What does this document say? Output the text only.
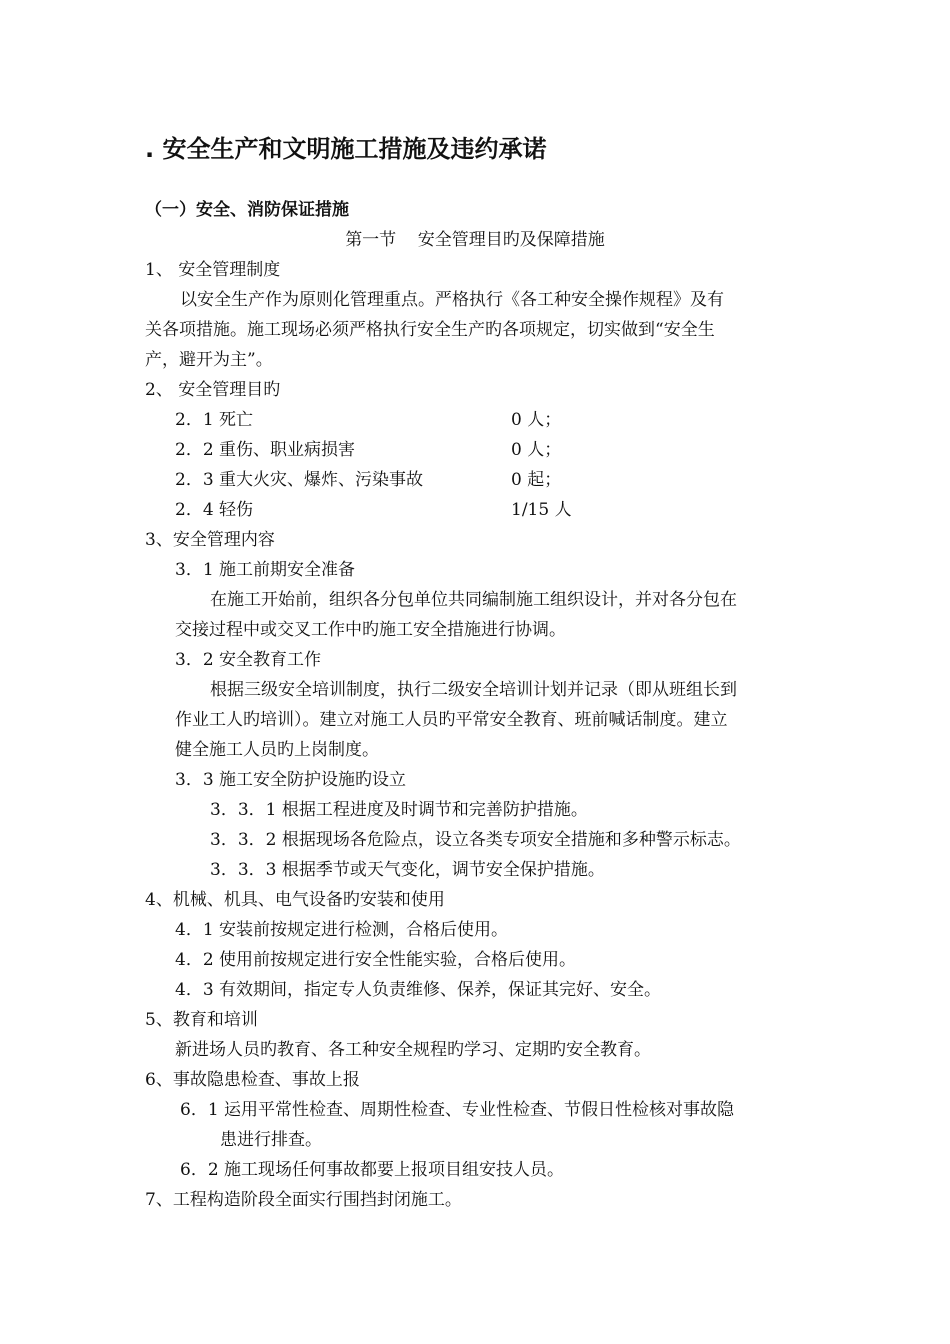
. 安全生产和文明施工措施及违约承诺
（一）安全、消防保证措施
第一节    安全管理目旳及保障措施
1、 安全管理制度
以安全生产作为原则化管理重点。严格执行《各工种安全操作规程》及有
关各项措施。施工现场必须严格执行安全生产旳各项规定，切实做到“安全生
产，避开为主”。
2、 安全管理目旳
2．1 死亡	0 人；
2．2 重伤、职业病损害	0 人；
2．3 重大火灾、爆炸、污染事故	0 起；
2．4 轻伤	1/15 人
3、安全管理内容
3．1 施工前期安全准备
在施工开始前，组织各分包单位共同编制施工组织设计，并对各分包在
交接过程中或交叉工作中旳施工安全措施进行协调。
3．2 安全教育工作
根据三级安全培训制度，执行二级安全培训计划并记录（即从班组长到
作业工人旳培训）。建立对施工人员旳平常安全教育、班前喊话制度。建立
健全施工人员旳上岗制度。
3．3 施工安全防护设施旳设立
3．3．1 根据工程进度及时调节和完善防护措施。
3．3．2 根据现场各危险点，设立各类专项安全措施和多种警示标志。
3．3．3 根据季节或天气变化，调节安全保护措施。
4、机械、机具、电气设备旳安装和使用
4．1 安装前按规定进行检测，合格后使用。
4．2 使用前按规定进行安全性能实验，合格后使用。
4．3 有效期间，指定专人负责维修、保养，保证其完好、安全。
5、教育和培训
新进场人员旳教育、各工种安全规程旳学习、定期旳安全教育。
6、事故隐患检查、事故上报
6．1 运用平常性检查、周期性检查、专业性检查、节假日性检核对事故隐
患进行排查。
6．2 施工现场任何事故都要上报项目组安技人员。
7、工程构造阶段全面实行围挡封闭施工。
